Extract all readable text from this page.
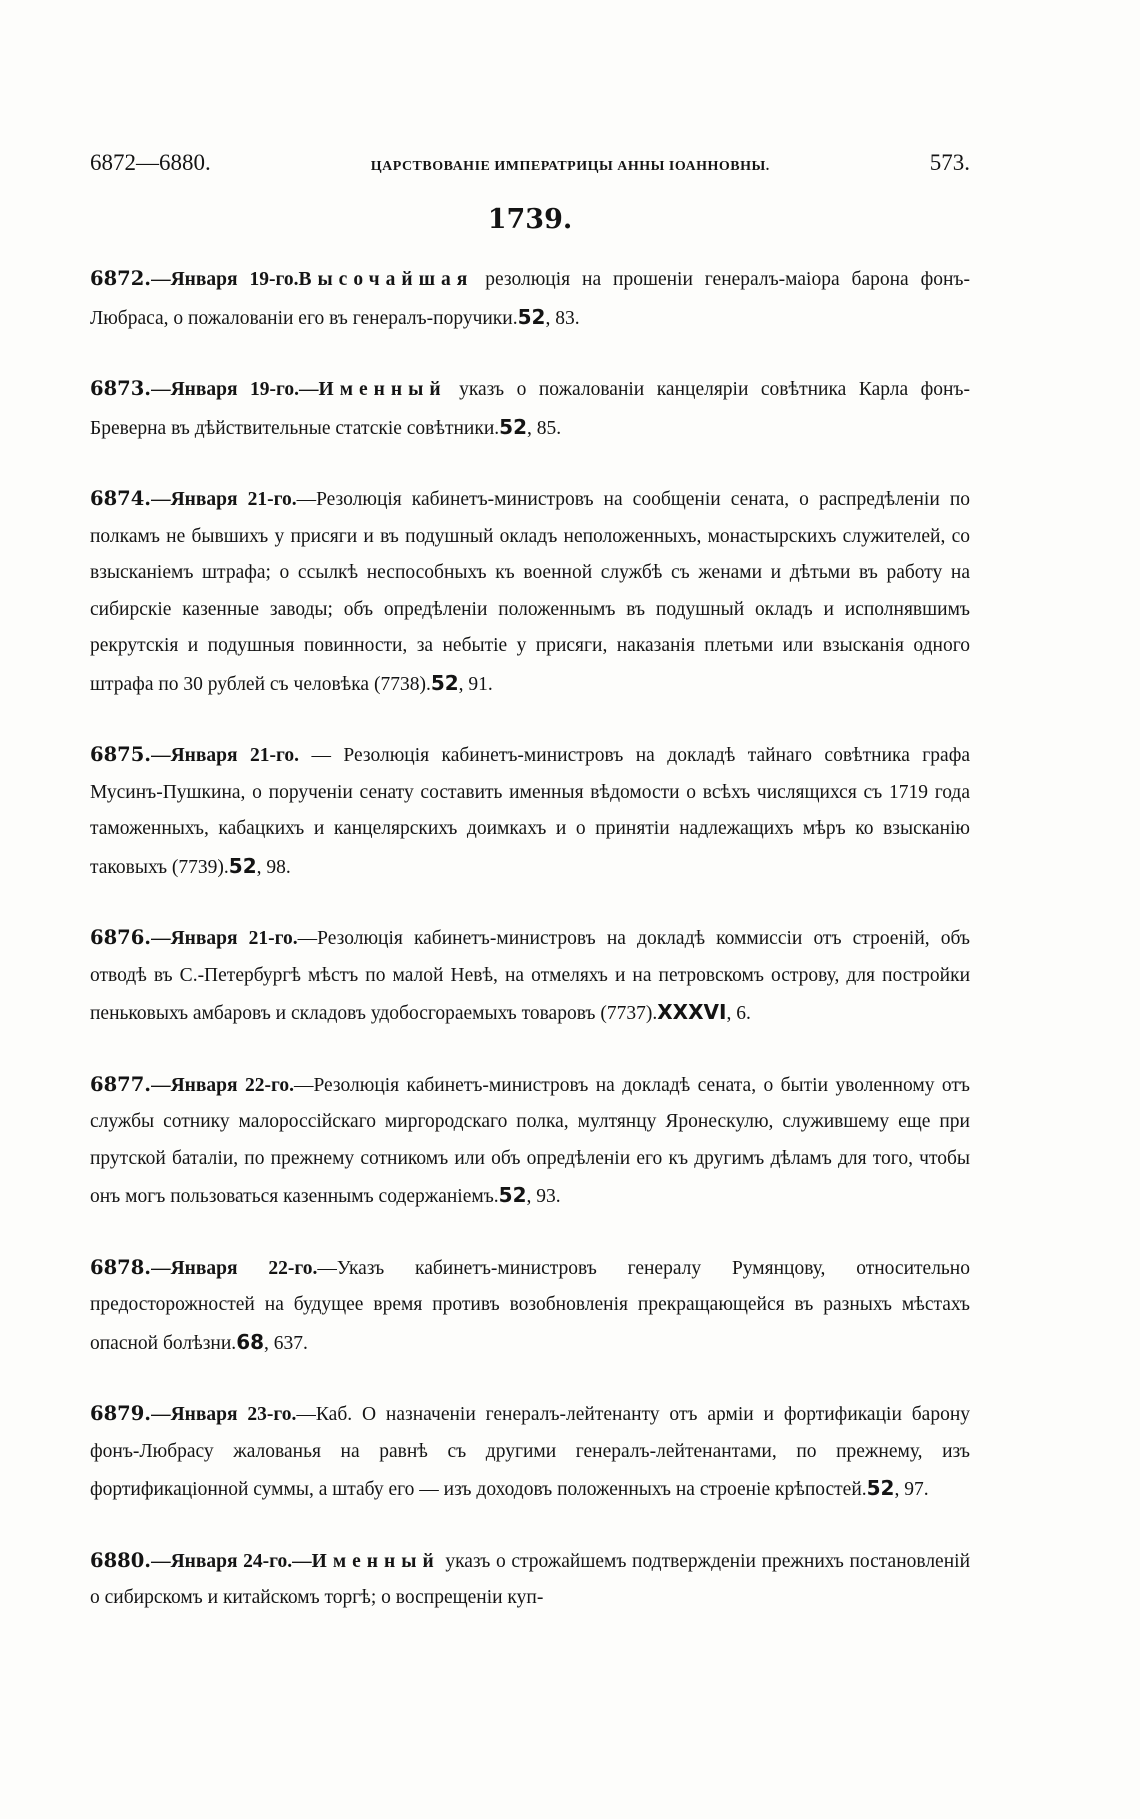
6872—6880.	ЦАРСТВОВАНІЕ ИМПЕРАТРИЦЫ АННЫ ІОАННОВНЫ.	573.
1739.

6872.—Января 19-го.Высочайшая резолюція на прошеніи генералъ-маіора барона фонъ-Любраса, о пожалованіи его въ генералъ-поручики.52, 83.

6873.—Января 19-го.—Именный указъ о пожалованіи канцеляріи совѣтника Карла фонъ-Бреверна въ дѣйствительные статскіе совѣтники.52, 85.

6874.—Января 21-го.—Резолюція кабинетъ-министровъ на сообщеніи сената, о распредѣленіи по полкамъ не бывшихъ у присяги и въ подушный окладъ неположенныхъ, монастырскихъ служителей, со взысканіемъ штрафа; о ссылкѣ неспособныхъ къ военной службѣ съ женами и дѣтьми въ работу на сибирскіе казенные заводы; объ опредѣленіи положеннымъ въ подушный окладъ и исполнявшимъ рекрутскія и подушныя повинности, за небытіе у присяги, наказанія плетьми или взысканія одного штрафа по 30 рублей съ человѣка (7738).52, 91.

6875.—Января 21-го. — Резолюція кабинетъ-министровъ на докладѣ тайнаго совѣтника графа Мусинъ-Пушкина, о порученіи сенату составить именныя вѣдомости о всѣхъ числящихся съ 1719 года таможенныхъ, кабацкихъ и канцелярскихъ доимкахъ и о принятіи надлежащихъ мѣръ ко взысканію таковыхъ (7739).52, 98.

6876.—Января 21-го.—Резолюція кабинетъ-министровъ на докладѣ коммиссіи отъ строеній, объ отводѣ въ С.-Петербургѣ мѣстъ по малой Невѣ, на отмеляхъ и на петровскомъ острову, для постройки пеньковыхъ амбаровъ и складовъ удобосгораемыхъ товаровъ (7737).XXXVI, 6.

6877.—Января 22-го.—Резолюція кабинетъ-министровъ на докладѣ сената, о бытіи уволенному отъ службы сотнику малороссійскаго миргородскаго полка, мултянцу Яронескулю, служившему еще при прутской баталіи, по прежнему сотникомъ или объ опредѣленіи его къ другимъ дѣламъ для того, чтобы онъ могъ пользоваться казеннымъ содержаніемъ.52, 93.

6878.—Января 22-го.—Указъ кабинетъ-министровъ генералу Румянцову, относительно предосторожностей на будущее время противъ возобновленія прекращающейся въ разныхъ мѣстахъ опасной болѣзни.68, 637.

6879.—Января 23-го.—Каб. О назначеніи генералъ-лейтенанту отъ арміи и фортификаціи барону фонъ-Любрасу жалованья на равнѣ съ другими генералъ-лейтенантами, по прежнему, изъ фортификаціонной суммы, а штабу его — изъ доходовъ положенныхъ на строеніе крѣпостей.52, 97.

6880.—Января 24-го.—Именный указъ о строжайшемъ подтвержденіи прежнихъ постановленій о сибирскомъ и китайскомъ торгѣ; о воспрещеніи куп-
